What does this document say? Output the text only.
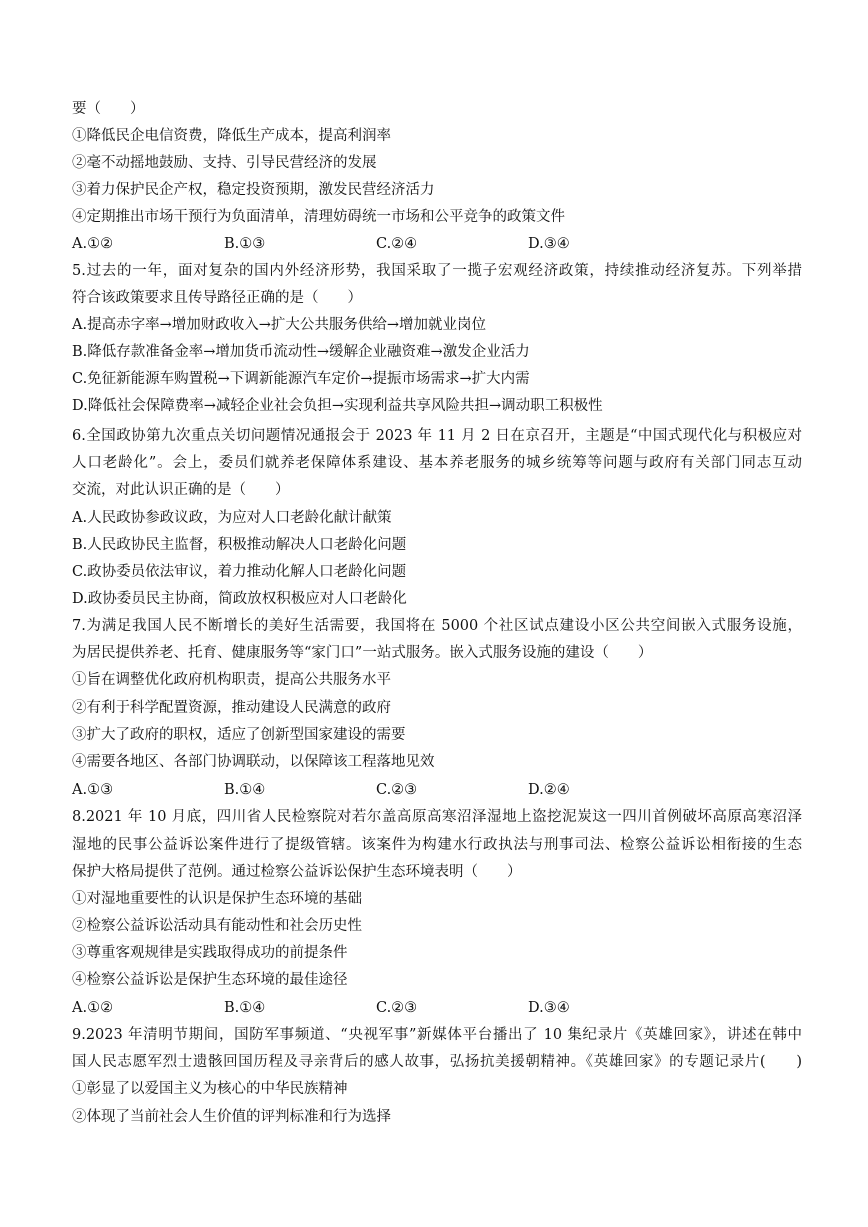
要（　　）
①降低民企电信资费，降低生产成本，提高利润率
②毫不动摇地鼓励、支持、引导民营经济的发展
③着力保护民企产权，稳定投资预期，激发民营经济活力
④定期推出市场干预行为负面清单，清理妨碍统一市场和公平竞争的政策文件
A.①②	B.①③	C.②④	D.③④
5.过去的一年，面对复杂的国内外经济形势，我国采取了一揽子宏观经济政策，持续推动经济复苏。下列举措
符合该政策要求且传导路径正确的是（　　）
A.提高赤字率→增加财政收入→扩大公共服务供给→增加就业岗位
B.降低存款准备金率→增加货币流动性→缓解企业融资难→激发企业活力
C.免征新能源车购置税→下调新能源汽车定价→提振市场需求→扩大内需
D.降低社会保障费率→减轻企业社会负担→实现利益共享风险共担→调动职工积极性
6.全国政协第九次重点关切问题情况通报会于 2023 年 11 月 2 日在京召开，主题是“中国式现代化与积极应对
人口老龄化”。会上，委员们就养老保障体系建设、基本养老服务的城乡统筹等问题与政府有关部门同志互动
交流，对此认识正确的是（　　）
A.人民政协参政议政，为应对人口老龄化献计献策
B.人民政协民主监督，积极推动解决人口老龄化问题
C.政协委员依法审议，着力推动化解人口老龄化问题
D.政协委员民主协商，简政放权积极应对人口老龄化
7.为满足我国人民不断增长的美好生活需要，我国将在 5000 个社区试点建设小区公共空间嵌入式服务设施，
为居民提供养老、托育、健康服务等“家门口”一站式服务。嵌入式服务设施的建设（　　）
①旨在调整优化政府机构职责，提高公共服务水平
②有利于科学配置资源，推动建设人民满意的政府
③扩大了政府的职权，适应了创新型国家建设的需要
④需要各地区、各部门协调联动，以保障该工程落地见效
A.①③	B.①④	C.②③	D.②④
8.2021 年 10 月底，四川省人民检察院对若尔盖高原高寒沼泽湿地上盗挖泥炭这一四川首例破坏高原高寒沼泽
湿地的民事公益诉讼案件进行了提级管辖。该案件为构建水行政执法与刑事司法、检察公益诉讼相衔接的生态
保护大格局提供了范例。通过检察公益诉讼保护生态环境表明（　　）
①对湿地重要性的认识是保护生态环境的基础
②检察公益诉讼活动具有能动性和社会历史性
③尊重客观规律是实践取得成功的前提条件
④检察公益诉讼是保护生态环境的最佳途径
A.①②	B.①④	C.②③	D.③④
9.2023 年清明节期间，国防军事频道、“央视军事”新媒体平台播出了 10 集纪录片《英雄回家》，讲述在韩中
国人民志愿军烈士遗骸回国历程及寻亲背后的感人故事，弘扬抗美援朝精神。《英雄回家》的专题记录片(　　)
①彰显了以爱国主义为核心的中华民族精神
②体现了当前社会人生价值的评判标准和行为选择
